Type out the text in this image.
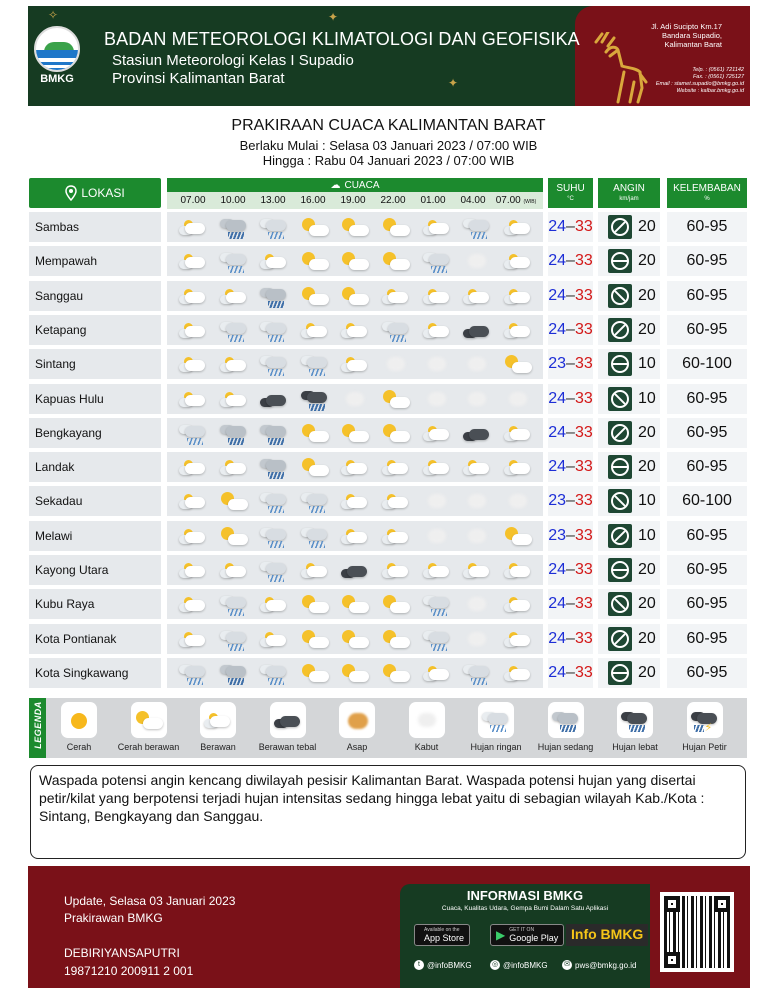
BMKG
BADAN METEOROLOGI KLIMATOLOGI DAN GEOFISIKA
Stasiun Meteorologi Kelas I Supadio
Provinsi Kalimantan Barat
✦
✦
✧
Jl. Adi Sucipto Km.17
Bandara Supadio,
Kalimantan Barat
Telp. : (0561) 721142
Fax. : (0561) 725127
Email : stamet.supadio@bmkg.go.id
Website : kalbar.bmkg.go.id
PRAKIRAAN CUACA KALIMANTAN BARAT
Berlaku Mulai : Selasa 03 Januari 2023 / 07:00 WIB
Hingga : Rabu 04 Januari 2023 / 07:00 WIB
LOKASI
☁ CUACA
07.00	10.00	13.00	16.00	19.00	22.00	01.00	04.00	07.00 (WIB)
SUHU
°C
ANGIN
km/jam
KELEMBABAN
%
Sambas	24 – 33	20	60-95
Mempawah	24 – 33	20	60-95
Sanggau	24 – 33	20	60-95
Ketapang	24 – 33	20	60-95
Sintang	23 – 33	10	60-100
Kapuas Hulu	24 – 33	10	60-95
Bengkayang	24 – 33	20	60-95
Landak	24 – 33	20	60-95
Sekadau	23 – 33	10	60-100
Melawi	23 – 33	10	60-95
Kayong Utara	24 – 33	20	60-95
Kubu Raya	24 – 33	20	60-95
Kota Pontianak	24 – 33	20	60-95
Kota Singkawang	24 – 33	20	60-95
LEGENDA	Cerah	Cerah berawan	Berawan	Berawan tebal	Asap	Kabut	Hujan ringan	Hujan sedang	Hujan lebat
⚡
Hujan Petir
Waspada potensi angin kencang diwilayah pesisir Kalimantan Barat. Waspada potensi hujan yang disertai petir/kilat yang berpotensi terjadi hujan intensitas sedang hingga lebat yaitu di sebagian wilayah Kab./Kota : Sintang, Bengkayang dan Sanggau.
Update, Selasa 03 Januari 2023
Prakirawan BMKG
DEBIRIYANSAPUTRI
19871210 200911 2 001
INFORMASI BMKG
Cuaca, Kualitas Udara, Gempa Bumi Dalam Satu Aplikasi
Available on the
App Store	▶ GET IT ON
Google Play Info BMKG
t @infoBMKG	◎ @infoBMKG ✉ pws@bmkg.go.id
